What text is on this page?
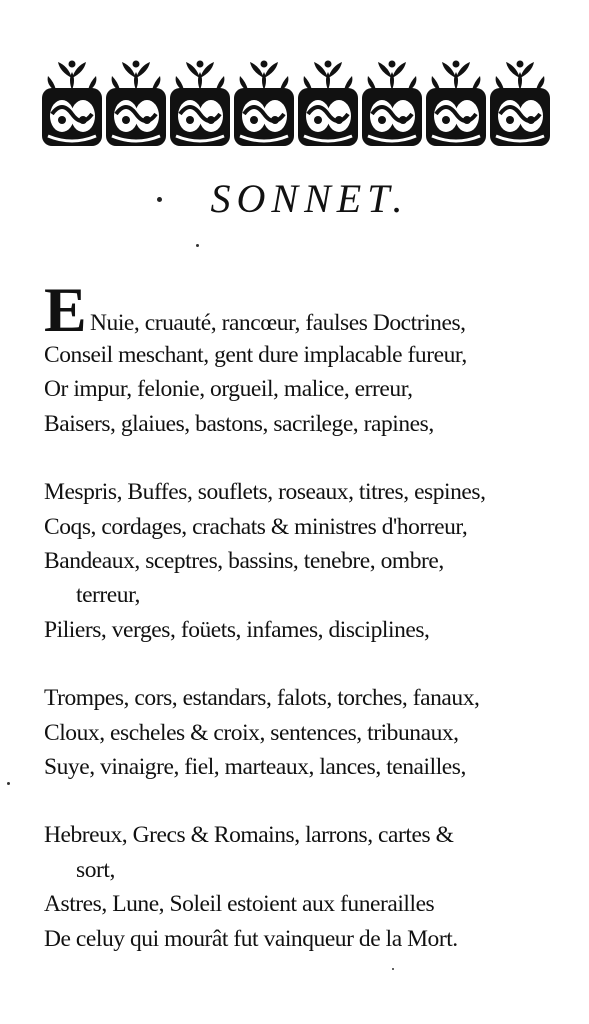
SONNET.
E Nuie, cruauté, rancœur, faulses Doctrines,
Conseil meschant, gent dure implacable fureur,
Or impur, felonie, orgueil, malice, erreur,
Baisers, glaiues, bastons, sacrilege, rapines,
Mespris, Buffes, souflets, roseaux, titres, espines,
Coqs, cordages, crachats & ministres d'horreur,
Bandeaux, sceptres, bassins, tenebre, ombre,
terreur,
Piliers, verges, foüets, infames, disciplines,
Trompes, cors, estandars, falots, torches, fanaux,
Cloux, escheles & croix, sentences, tribunaux,
Suye, vinaigre, fiel, marteaux, lances, tenailles,
Hebreux, Grecs & Romains, larrons, cartes &
sort,
Astres, Lune, Soleil estoient aux funerailles
De celuy qui mourât fut vainqueur de la Mort.
